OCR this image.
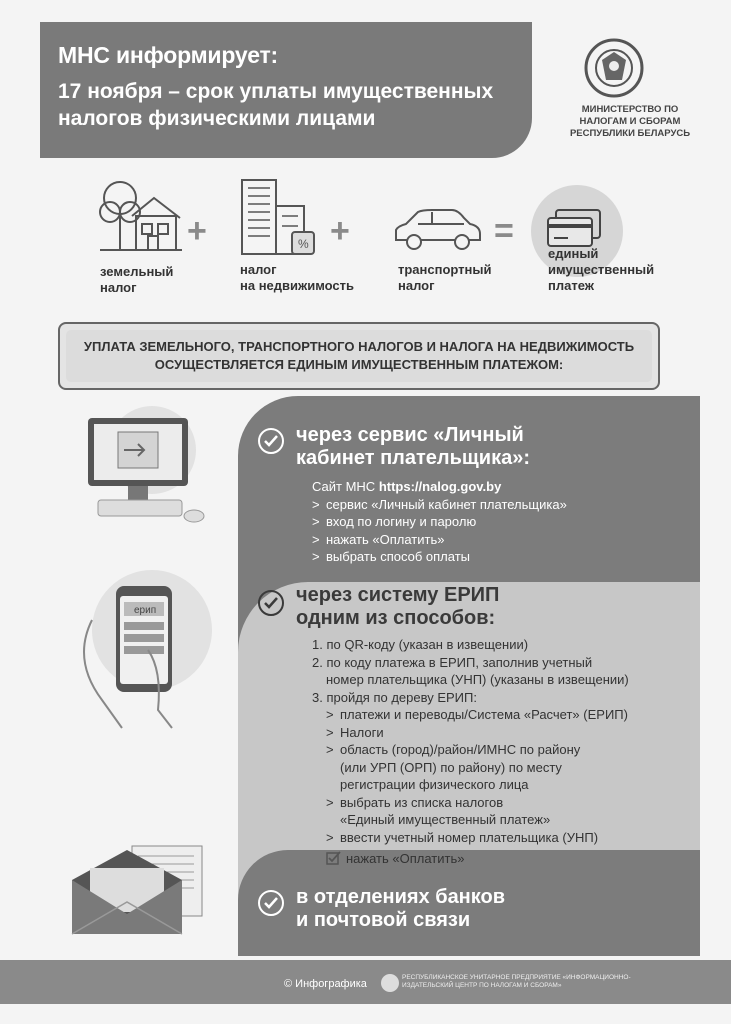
МНС информирует:
17 ноября – срок уплаты имущественных налогов физическими лицами	МИНИСТЕРСТВО ПО НАЛОГАМ И СБОРАМ РЕСПУБЛИКИ БЕЛАРУСЬ
+
земельный налог
% +
налог
на недвижимость
=
транспортный
налог
единый
имущественный
платеж
УПЛАТА ЗЕМЕЛЬНОГО, ТРАНСПОРТНОГО НАЛОГОВ И НАЛОГА НА НЕДВИЖИМОСТЬ
ОСУЩЕСТВЛЯЕТСЯ ЕДИНЫМ ИМУЩЕСТВЕННЫМ ПЛАТЕЖОМ:
через сервис «Личный
кабинет плательщика»:
Сайт МНС https://nalog.gov.by
> сервис «Личный кабинет плательщика»
> вход по логину и паролю
> нажать «Оплатить»
> выбрать способ оплаты
через систему ЕРИП
одним из способов:
1. по QR-коду (указан в извещении)
2. по коду платежа в ЕРИП, заполнив учетный
номер плательщика (УНП) (указаны в извещении)
3. пройдя по дереву ЕРИП:
> платежи и переводы/Система «Расчет» (ЕРИП)
> Налоги
> область (город)/район/ИМНС по району
(или УРП (ОРП) по району) по месту
регистрации физического лица
> выбрать из списка налогов
«Единый имущественный платеж»
> ввести учетный номер плательщика (УНП)
нажать «Оплатить»
в отделениях банков
и почтовой связи
ерип
© Инфографика
РЕСПУБЛИКАНСКОЕ УНИТАРНОЕ ПРЕДПРИЯТИЕ «ИНФОРМАЦИОННО-ИЗДАТЕЛЬСКИЙ ЦЕНТР ПО НАЛОГАМ И СБОРАМ»
